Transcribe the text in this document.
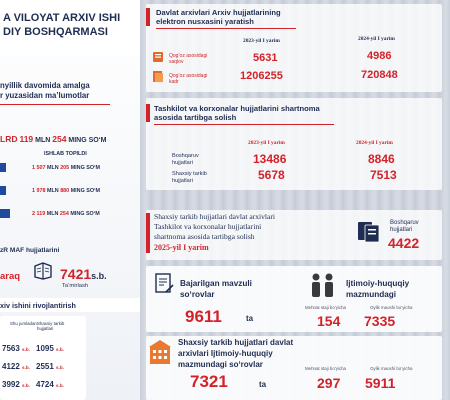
A VILOYAT ARXIV ISHI
DIY BOSHQARMASI
nyillik davomida amalga
r yuzasidan ma’lumotlar
LRD 119 MLN 254 MING SO‘M
ISHLAB TOPILDI
1 507 MLN 205 MING SO‘M
1 978 MLN 880 MING SO‘M
2 119 MLN 254 MING SO‘M
zR MAF hujjatlarini
araq	7421s.b.
Ta’mirlash
xiv ishini rivojlantirish
Shu jumladan:
Shaxsiy tarkib hujjatlari
7563 s.b. 1095 s.b.
4122 s.b. 2551 s.b.
3992 s.b. 4724 s.b.
Davlat arxivlari Arxiv hujjatlarining
elektron nusxasini yaratish
2023-yil I yarim	2024-yil I yarim
Qog‘oz asosidagi
saqlov	5631	4986
Qog‘oz asosidagi
kadr	1206255	720848
Tashkilot va korxonalar hujjatlarini shartnoma
asosida tartibga solish
2023-yil I yarim	2024-yil I yarim
Boshqaruv
hujjatlari	13486	8846
Shaxsiy tarkib
hujjatlari	5678	7513
Shaxsiy tarkib hujjatlari davlat arxivlari
Tashkilot va korxonalar hujjatlarini
shartnoma asosida tartibga solish
2025-yil I yarim
Boshqaruv
hujjatlari
4422
Bajarilgan mavzuli
so‘rovlar
9611	ta
Ijtimoiy-huquqiy
mazmundagi
Mehnat staji bo‘yicha	Oylik maoshi bo‘yicha
154 7335
Shaxsiy tarkib hujjatlari davlat
arxivlari Ijtimoiy-huquqiy
mazmundagi so‘rovlar
7321	ta
Mehnat staji bo‘yicha	Oylik maoshi bo‘yicha
297 5911
